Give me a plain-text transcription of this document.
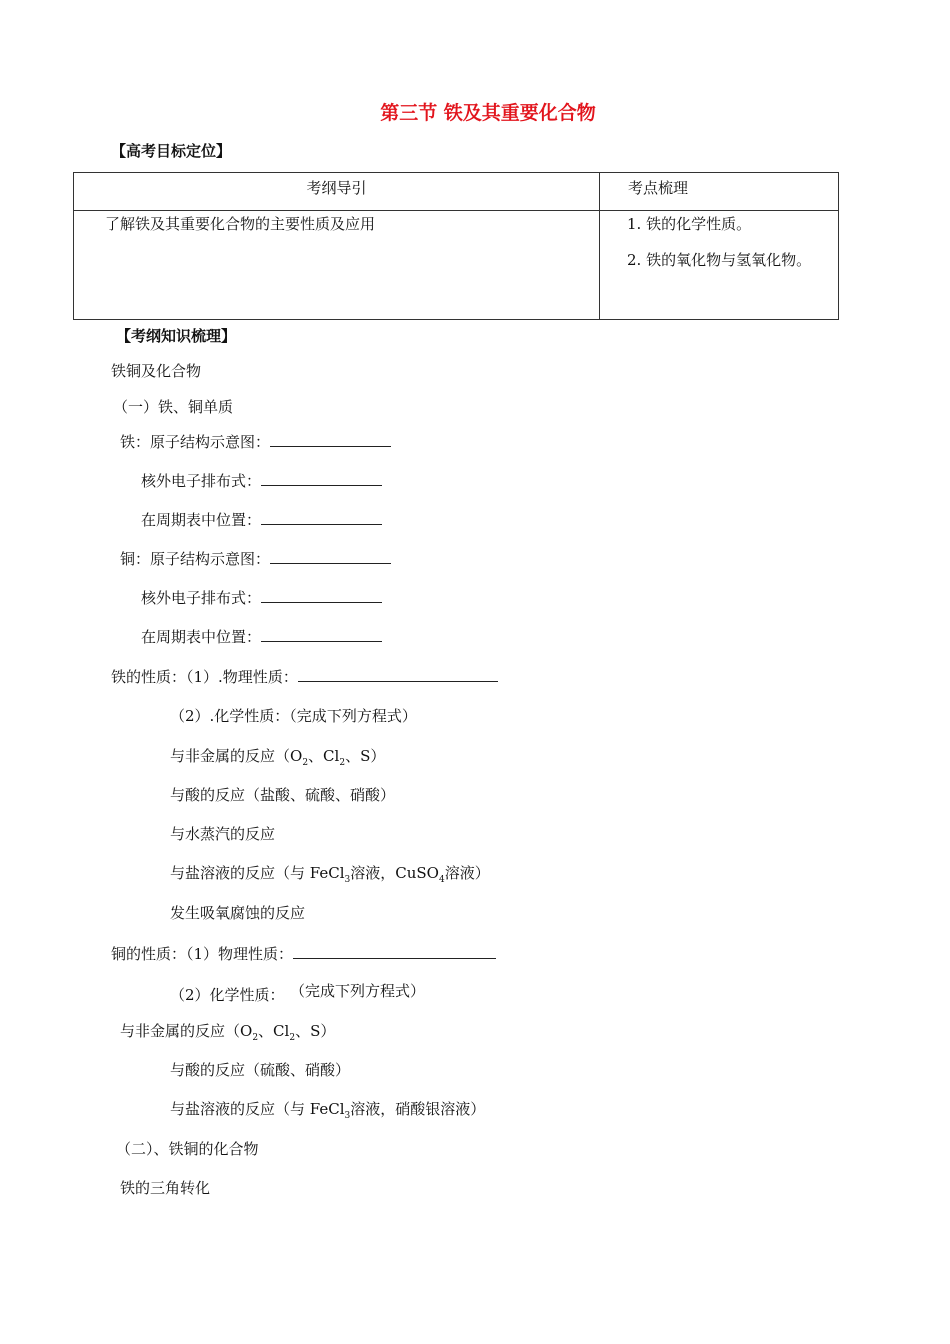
第三节 铁及其重要化合物
【高考目标定位】
考纲导引	考点梳理

了解铁及其重要化合物的主要性质及应用	1. 铁的化学性质。
2. 铁的氧化物与氢氧化物。
【考纲知识梳理】
铁铜及化合物
（一）铁、铜单质
铁：原子结构示意图：
核外电子排布式：
在周期表中位置：
铜：原子结构示意图：
核外电子排布式：
在周期表中位置：
铁的性质：（1）.物理性质：
（2）.化学性质：（完成下列方程式）
与非金属的反应（$O_2$、$Cl_2$、S）
与酸的反应（盐酸、硫酸、硝酸）
与水蒸汽的反应
与盐溶液的反应（与 FeCl$_3$溶液，CuSO$_4$溶液）
发生吸氧腐蚀的反应
铜的性质：（1）物理性质：
（2）化学性质： （完成下列方程式）
与非金属的反应（$O_2$、$Cl_2$、S）
与酸的反应（硫酸、硝酸）
与盐溶液的反应（与 FeCl$_3$溶液，硝酸银溶液）
（二）、铁铜的化合物
铁的三角转化
